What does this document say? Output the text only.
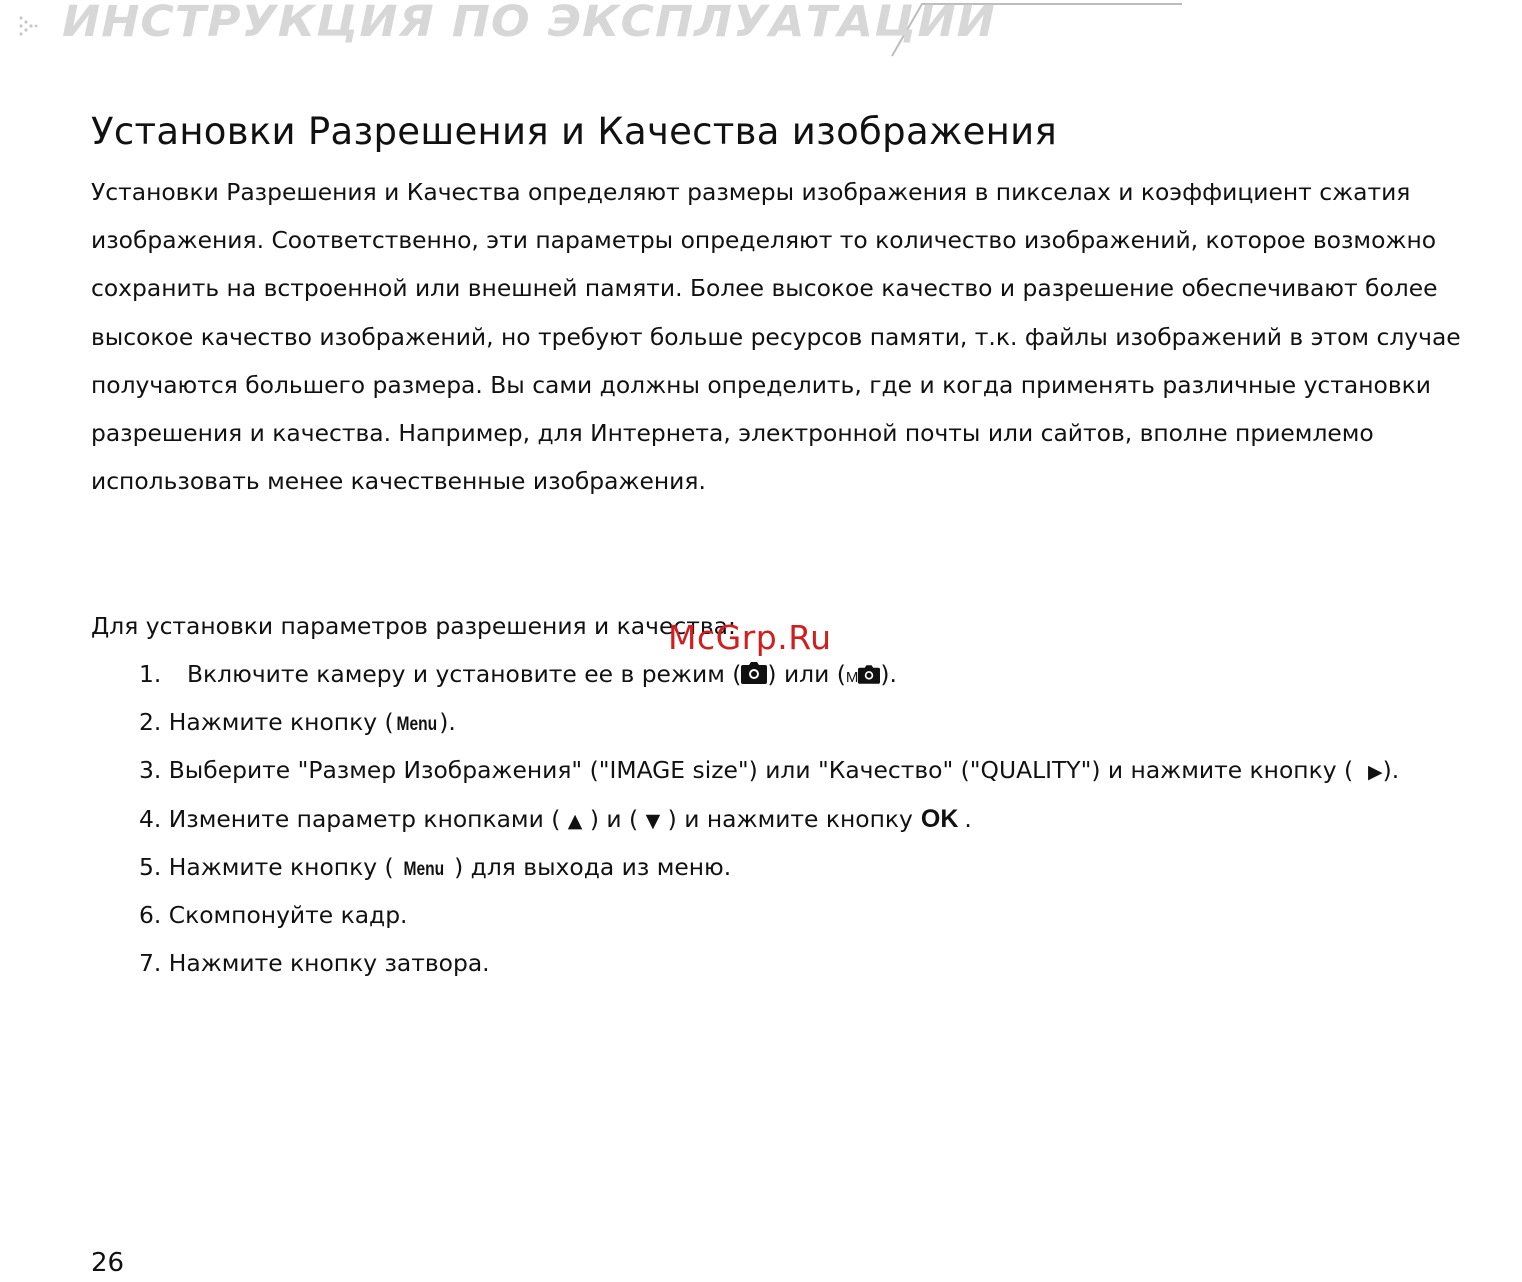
ИНСТРУКЦИЯ ПО ЭКСПЛУАТАЦИИ
Установки Разрешения и Качества изображения
Установки Разрешения и Качества определяют размеры изображения в пикселах и коэффициент сжатия
изображения. Соответственно, эти параметры определяют то количество изображений, которое возможно
сохранить на встроенной или внешней памяти. Более высокое качество и разрешение обеспечивают более
высокое качество изображений, но требуют больше ресурсов памяти, т.к. файлы изображений в этом случае
получаются большего размера. Вы сами должны определить, где и когда применять различные установки
разрешения и качества. Например, для Интернета, электронной почты или сайтов, вполне приемлемо
использовать менее качественные изображения.
Для установки параметров разрешения и качества:
1. Включите камеру и установите ее в режим ( ) или (M ).
2. Нажмите кнопку ( Menu ).
3. Выберите "Размер Изображения" ("IMAGE size") или "Качество" ("QUALITY") и нажмите кнопку ( ▶).
4. Измените параметр кнопками ( ▲ ) и ( ▼ ) и нажмите кнопку OK .
5. Нажмите кнопку ( Menu ) для выхода из меню.
6. Скомпонуйте кадр.
7. Нажмите кнопку затвора.
McGrp.Ru
26
